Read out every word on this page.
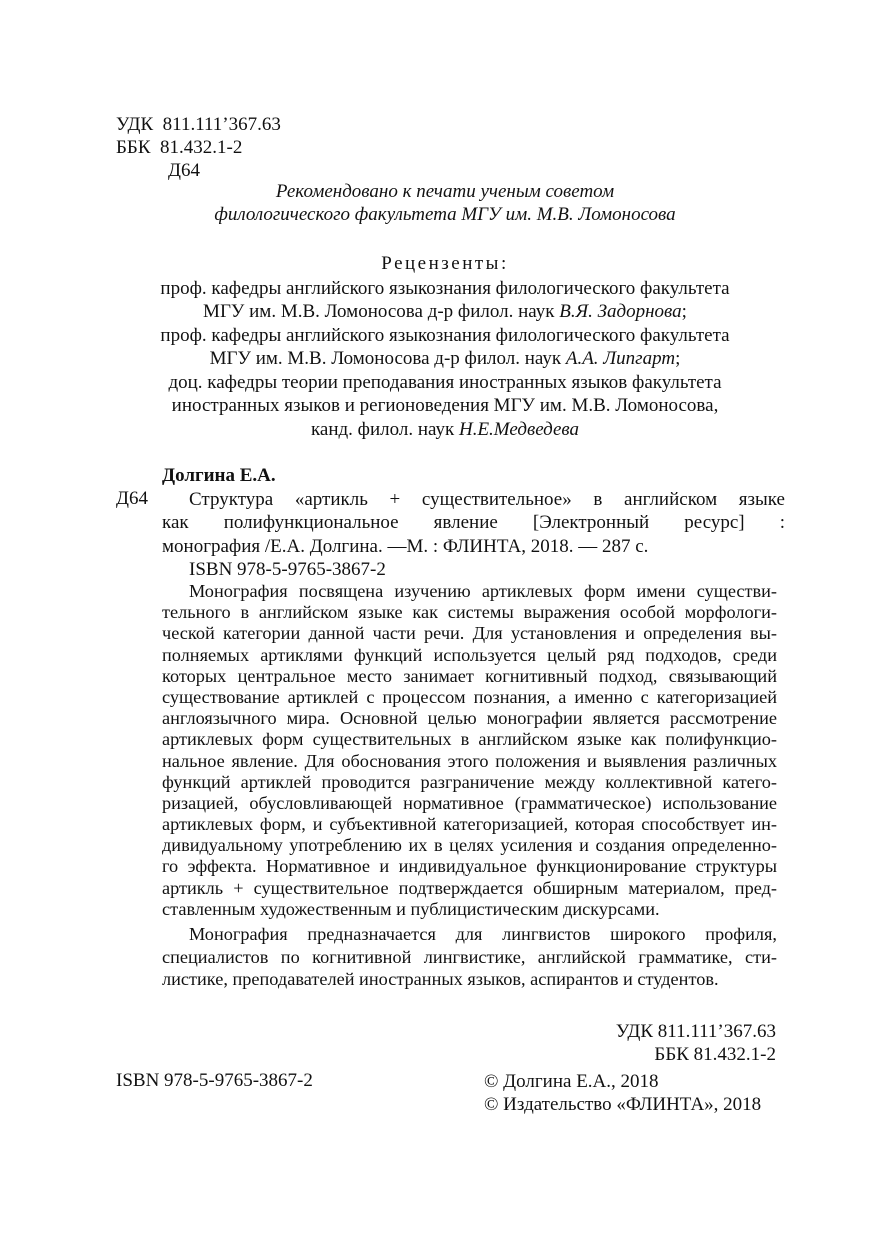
УДК 811.111’367.63
ББК 81.432.1-2
Д64
Рекомендовано к печати ученым советом
филологического факультета МГУ им. М.В. Ломоносова
Рецензенты:
проф. кафедры английского языкознания филологического факультета
МГУ им. М.В. Ломоносова д-р филол. наук В.Я. Задорнова;
проф. кафедры английского языкознания филологического факультета
МГУ им. М.В. Ломоносова д-р филол. наук А.А. Липгарт;
доц. кафедры теории преподавания иностранных языков факультета
иностранных языков и регионоведения МГУ им. М.В. Ломоносова,
канд. филол. наук Н.Е.Медведева
Долгина Е.А.
Д64	Структура «артикль + существительное» в английском языке
как полифункциональное явление [Электронный ресурс] :
монография /Е.А. Долгина. —М. : ФЛИНТА, 2018. — 287 с.
ISBN 978-5-9765-3867-2
Монография посвящена изучению артиклевых форм имени существи-
тельного в английском языке как системы выражения особой морфологи-
ческой категории данной части речи. Для установления и определения вы-
полняемых артиклями функций используется целый ряд подходов, среди
которых центральное место занимает когнитивный подход, связывающий
существование артиклей с процессом познания, а именно с категоризацией
англоязычного мира. Основной целью монографии является рассмотрение
артиклевых форм существительных в английском языке как полифункцио-
нальное явление. Для обоснования этого положения и выявления различных
функций артиклей проводится разграничение между коллективной катего-
ризацией, обусловливающей нормативное (грамматическое) использование
артиклевых форм, и субъективной категоризацией, которая способствует ин-
дивидуальному употреблению их в целях усиления и создания определенно-
го эффекта. Нормативное и индивидуальное функционирование структуры
артикль + существительное подтверждается обширным материалом, пред-
ставленным художественным и публицистическим дискурсами.
Монография предназначается для лингвистов широкого профиля,
специалистов по когнитивной лингвистике, английской грамматике, сти-
листике, преподавателей иностранных языков, аспирантов и студентов.
УДК 811.111’367.63
ББК 81.432.1-2
ISBN 978-5-9765-3867-2	© Долгина Е.А., 2018
© Издательство «ФЛИНТА», 2018
